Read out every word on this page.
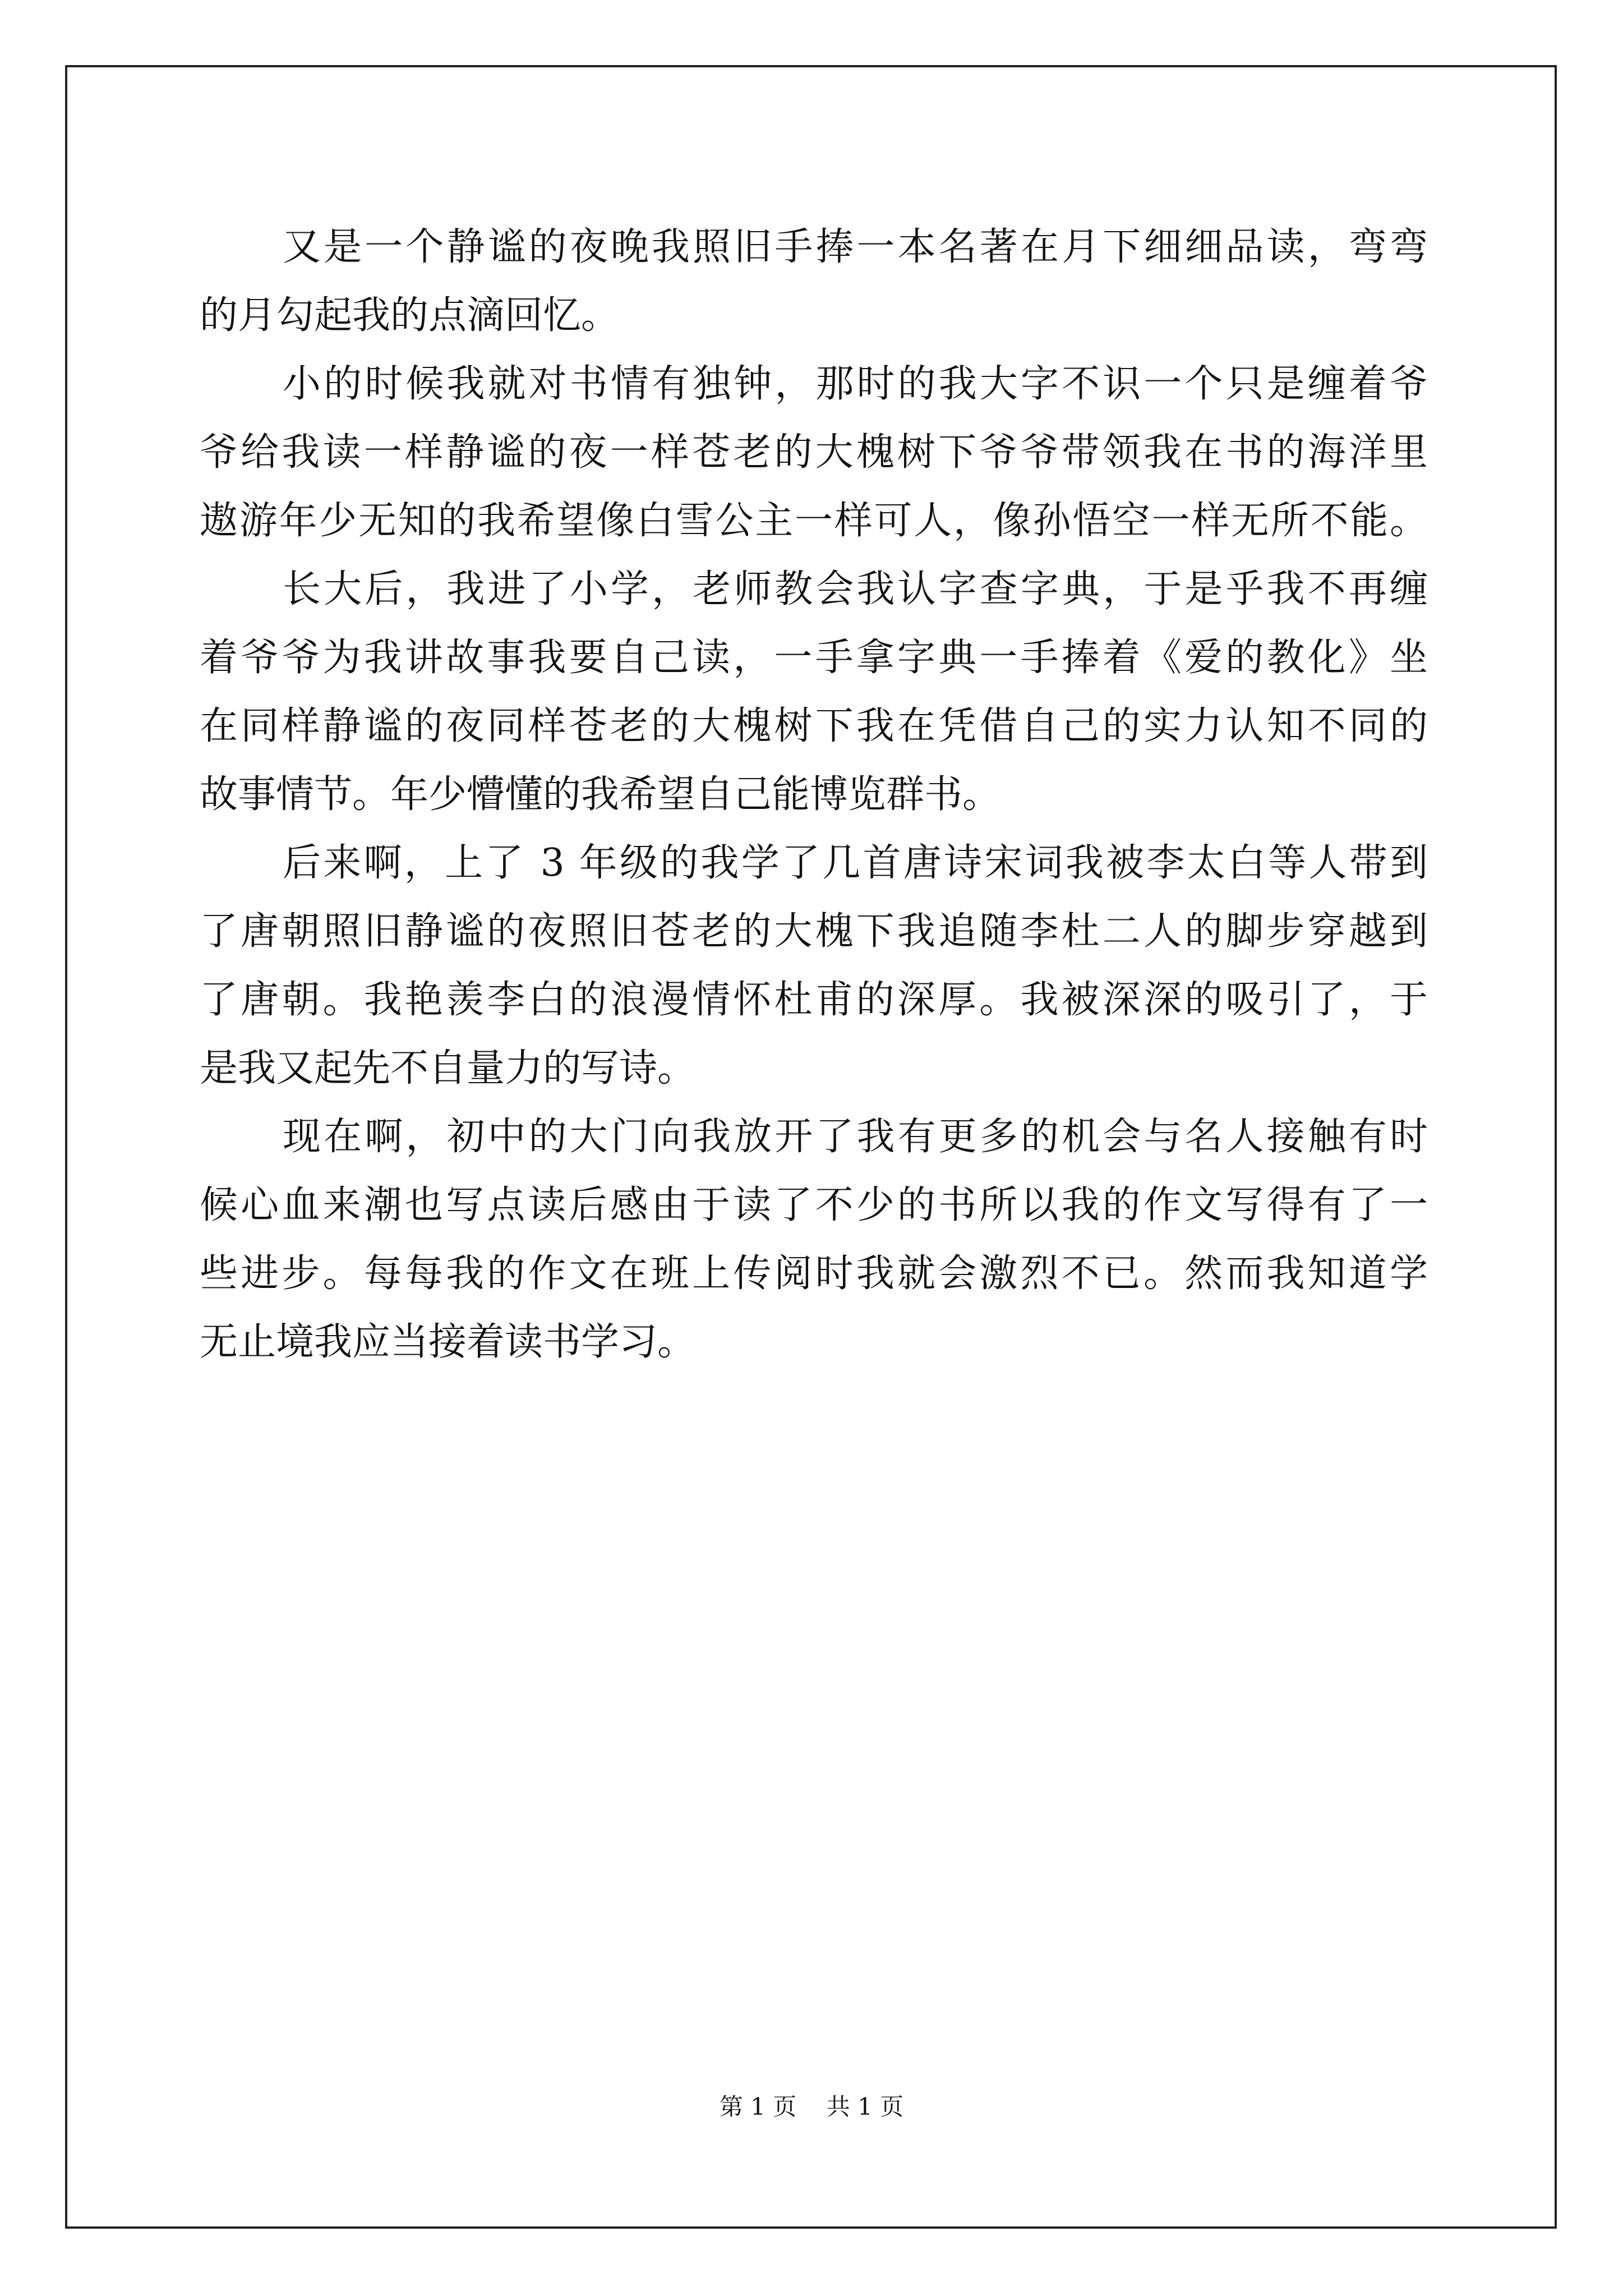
又是一个静谧的夜晚我照旧手捧一本名著在月下细细品读，弯弯
的月勾起我的点滴回忆。
小的时候我就对书情有独钟，那时的我大字不识一个只是缠着爷
爷给我读一样静谧的夜一样苍老的大槐树下爷爷带领我在书的海洋里
遨游年少无知的我希望像白雪公主一样可人，像孙悟空一样无所不能。
长大后，我进了小学，老师教会我认字查字典，于是乎我不再缠
着爷爷为我讲故事我要自己读，一手拿字典一手捧着《爱的教化》坐
在同样静谧的夜同样苍老的大槐树下我在凭借自己的实力认知不同的
故事情节。年少懵懂的我希望自己能博览群书。
后来啊，上了 3 年级的我学了几首唐诗宋词我被李太白等人带到
了唐朝照旧静谧的夜照旧苍老的大槐下我追随李杜二人的脚步穿越到
了唐朝。我艳羡李白的浪漫情怀杜甫的深厚。我被深深的吸引了，于
是我又起先不自量力的写诗。
现在啊，初中的大门向我放开了我有更多的机会与名人接触有时
候心血来潮也写点读后感由于读了不少的书所以我的作文写得有了一
些进步。每每我的作文在班上传阅时我就会激烈不已。然而我知道学
无止境我应当接着读书学习。
第 1 页    共 1 页
